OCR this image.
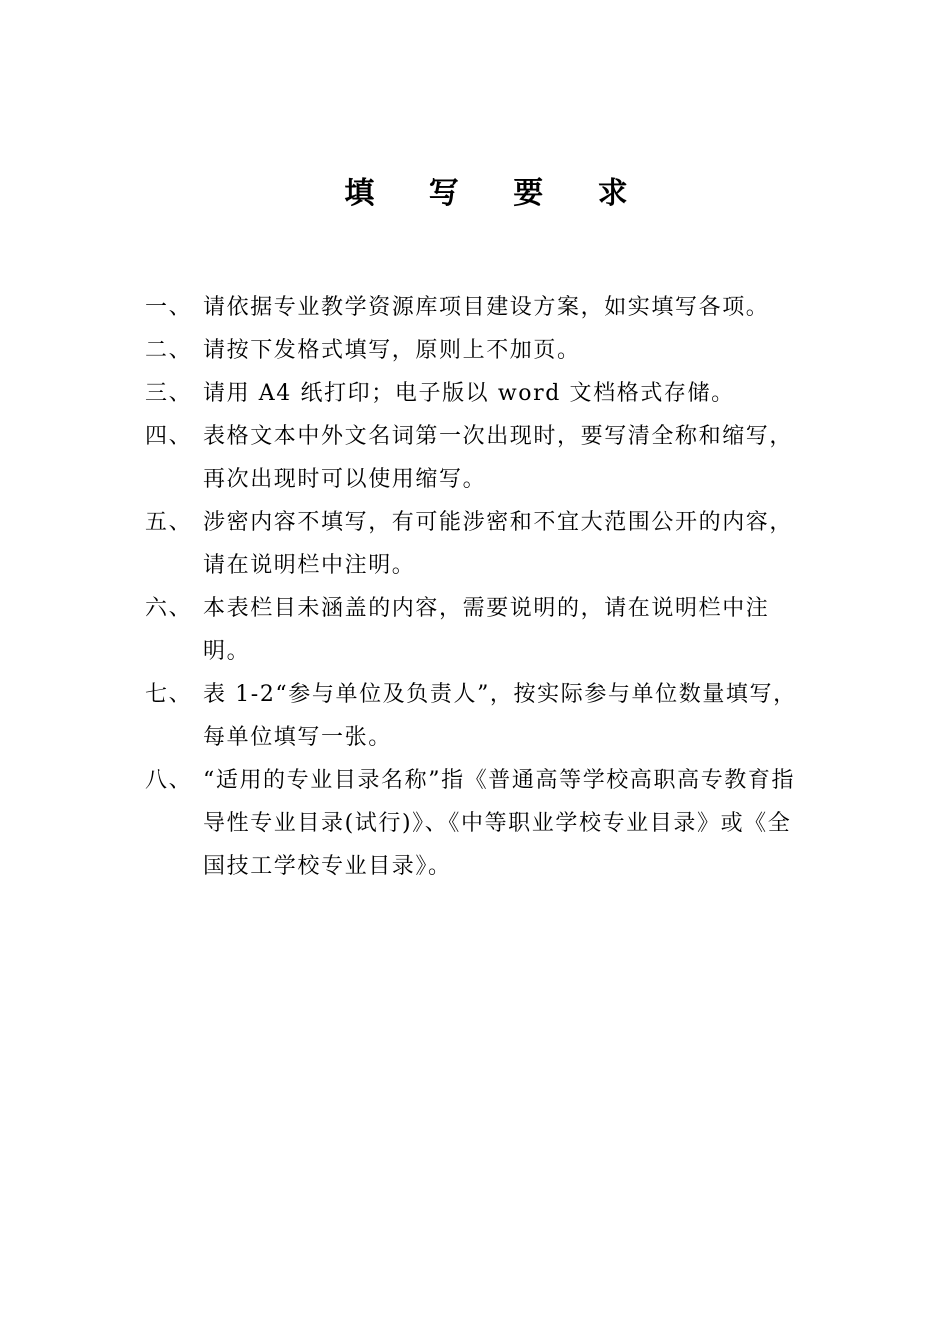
填 写 要 求
一、 请依据专业教学资源库项目建设方案，如实填写各项。
二、 请按下发格式填写，原则上不加页。
三、 请用 A4 纸打印；电子版以 word 文档格式存储。
四、 表格文本中外文名词第一次出现时，要写清全称和缩写，再次出现时可以使用缩写。
五、 涉密内容不填写，有可能涉密和不宜大范围公开的内容，请在说明栏中注明。
六、 本表栏目未涵盖的内容，需要说明的，请在说明栏中注明。
七、 表 1-2“参与单位及负责人”，按实际参与单位数量填写，每单位填写一张。
八、 “适用的专业目录名称”指《普通高等学校高职高专教育指导性专业目录(试行)》、《中等职业学校专业目录》或《全国技工学校专业目录》。
